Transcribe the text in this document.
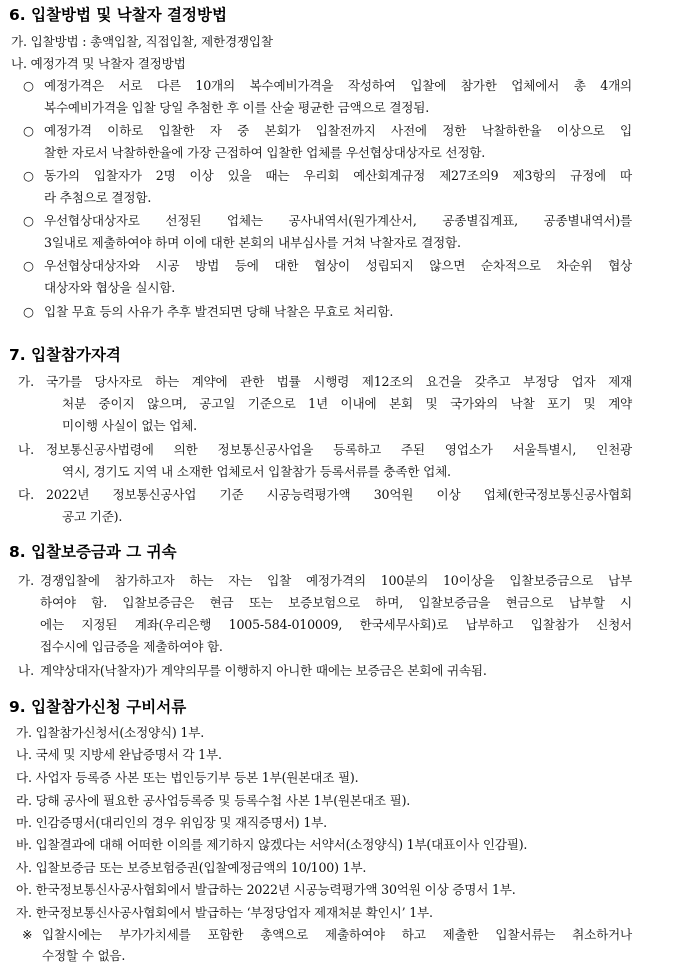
6. 입찰방법 및 낙찰자 결정방법
가. 입찰방법 : 총액입찰, 직접입찰, 제한경쟁입찰
나. 예정가격 및 낙찰자 결정방법
○ 예정가격은 서로 다른 10개의 복수예비가격을 작성하여 입찰에 참가한 업체에서 총 4개의
복수예비가격을 입찰 당일 추첨한 후 이를 산술 평균한 금액으로 결정됨.
○ 예정가격 이하로 입찰한 자 중 본회가 입찰전까지 사전에 정한 낙찰하한율 이상으로 입
찰한 자로서 낙찰하한율에 가장 근접하여 입찰한 업체를 우선협상대상자로 선정함.
○ 동가의 입찰자가 2명 이상 있을 때는 우리회 예산회계규정 제27조의9 제3항의 규정에 따
라 추첨으로 결정함.
○ 우선협상대상자로 선정된 업체는 공사내역서(원가계산서, 공종별집계표, 공종별내역서)를
3일내로 제출하여야 하며 이에 대한 본회의 내부심사를 거쳐 낙찰자로 결정함.
○ 우선협상대상자와 시공 방법 등에 대한 협상이 성립되지 않으면 순차적으로 차순위 협상
대상자와 협상을 실시함.
○ 입찰 무효 등의 사유가 추후 발견되면 당해 낙찰은 무효로 처리함.
7. 입찰참가자격
가. 국가를 당사자로 하는 계약에 관한 법률 시행령 제12조의 요건을 갖추고 부정당 업자 제재
처분 중이지 않으며, 공고일 기준으로 1년 이내에 본회 및 국가와의 낙찰 포기 및 계약
미이행 사실이 없는 업체.
나. 정보통신공사법령에 의한 정보통신공사업을 등록하고 주된 영업소가 서울특별시, 인천광
역시, 경기도 지역 내 소재한 업체로서 입찰참가 등록서류를 충족한 업체.
다. 2022년 정보통신공사업 기준 시공능력평가액 30억원 이상 업체(한국정보통신공사협회
공고 기준).
8. 입찰보증금과 그 귀속
가. 경쟁입찰에 참가하고자 하는 자는 입찰 예정가격의 100분의 10이상을 입찰보증금으로 납부
하여야 함. 입찰보증금은 현금 또는 보증보험으로 하며, 입찰보증금을 현금으로 납부할 시
에는 지정된 계좌(우리은행 1005-584-010009, 한국세무사회)로 납부하고 입찰참가 신청서
접수시에 입금증을 제출하여야 함.
나. 계약상대자(낙찰자)가 계약의무를 이행하지 아니한 때에는 보증금은 본회에 귀속됨.
9. 입찰참가신청 구비서류
가. 입찰참가신청서(소정양식) 1부.
나. 국세 및 지방세 완납증명서 각 1부.
다. 사업자 등록증 사본 또는 법인등기부 등본 1부(원본대조 필).
라. 당해 공사에 필요한 공사업등록증 및 등록수첩 사본 1부(원본대조 필).
마. 인감증명서(대리인의 경우 위임장 및 재직증명서) 1부.
바. 입찰결과에 대해 어떠한 이의를 제기하지 않겠다는 서약서(소정양식) 1부(대표이사 인감필).
사. 입찰보증금 또는 보증보험증권(입찰예정금액의 10/100) 1부.
아. 한국정보통신사공사협회에서 발급하는 2022년 시공능력평가액 30억원 이상 증명서 1부.
자. 한국정보통신사공사협회에서 발급하는 ‘부정당업자 제재처분 확인시’ 1부.
※ 입찰시에는 부가가치세를 포함한 총액으로 제출하여야 하고 제출한 입찰서류는 취소하거나
수정할 수 없음.
